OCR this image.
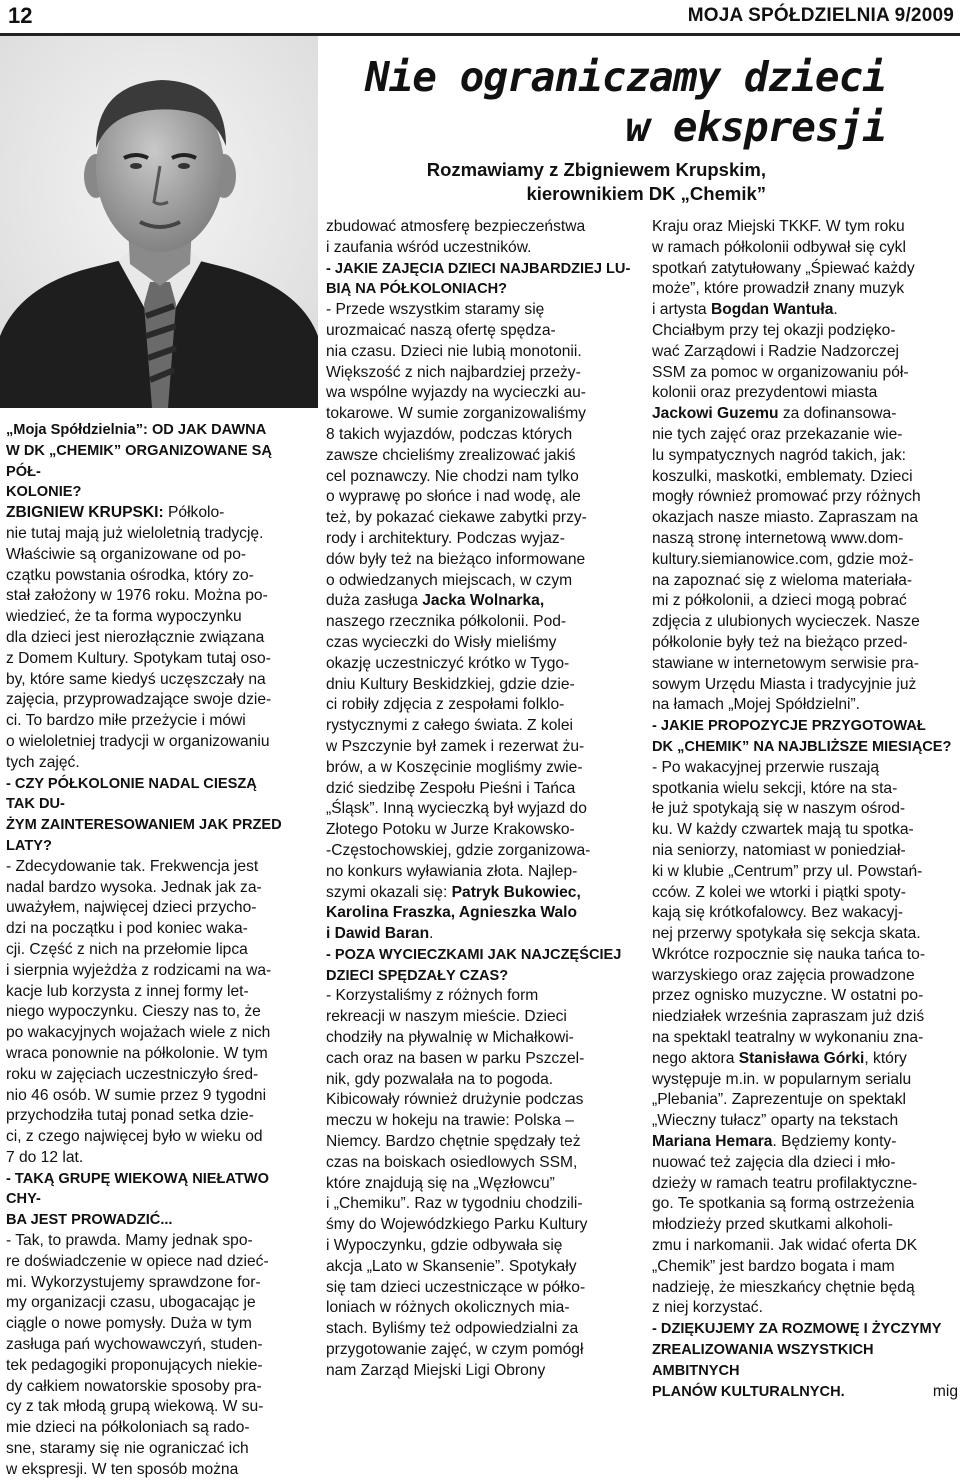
12	MOJA SPÓŁDZIELNIA 9/2009
Nie ograniczamy dzieci
w ekspresji
Rozmawiamy z Zbigniewem Krupskim,
kierownikiem DK „Chemik”

„Moja Spółdzielnia”: OD JAK DAWNA
W DK „CHEMIK” ORGANIZOWANE SĄ PÓŁ-
KOLONIE?

ZBIGNIEW KRUPSKI: Półkolo-
nie tutaj mają już wieloletnią tradycję.
Właściwie są organizowane od po-
czątku powstania ośrodka, który zo-
stał założony w 1976 roku. Można po-
wiedzieć, że ta forma wypoczynku
dla dzieci jest nierozłącznie związana
z Domem Kultury. Spotykam tutaj oso-
by, które same kiedyś uczęszczały na
zajęcia, przyprowadzające swoje dzie-
ci. To bardzo miłe przeżycie i mówi
o wieloletniej tradycji w organizowaniu
tych zajęć.

- CZY PÓŁKOLONIE NADAL CIESZĄ TAK DU-
ŻYM ZAINTERESOWANIEM JAK PRZED LATY?

- Zdecydowanie tak. Frekwencja jest
nadal bardzo wysoka. Jednak jak za-
uważyłem, najwięcej dzieci przycho-
dzi na początku i pod koniec waka-
cji. Część z nich na przełomie lipca
i sierpnia wyjeżdża z rodzicami na wa-
kacje lub korzysta z innej formy let-
niego wypoczynku. Cieszy nas to, że
po wakacyjnych wojażach wiele z nich
wraca ponownie na półkolonie. W tym
roku w zajęciach uczestniczyło śred-
nio 46 osób. W sumie przez 9 tygodni
przychodziła tutaj ponad setka dzie-
ci, z czego najwięcej było w wieku od
7 do 12 lat.

- TAKĄ GRUPĘ WIEKOWĄ NIEŁATWO CHY-
BA JEST PROWADZIĆ...

- Tak, to prawda. Mamy jednak spo-
re doświadczenie w opiece nad dzieć-
mi. Wykorzystujemy sprawdzone for-
my organizacji czasu, ubogacając je
ciągle o nowe pomysły. Duża w tym
zasługa pań wychowawczyń, studen-
tek pedagogiki proponujących niekie-
dy całkiem nowatorskie sposoby pra-
cy z tak młodą grupą wiekową. W su-
mie dzieci na półkoloniach są rado-
sne, staramy się nie ograniczać ich
w ekspresji. W ten sposób można

zbudować atmosferę bezpieczeństwa
i zaufania wśród uczestników.

- JAKIE ZAJĘCIA DZIECI NAJBARDZIEJ LU-
BIĄ NA PÓŁKOLONIACH?

- Przede wszystkim staramy się
urozmaicać naszą ofertę spędza-
nia czasu. Dzieci nie lubią monotonii.
Większość z nich najbardziej przeży-
wa wspólne wyjazdy na wycieczki au-
tokarowe. W sumie zorganizowaliśmy
8 takich wyjazdów, podczas których
zawsze chcieliśmy zrealizować jakiś
cel poznawczy. Nie chodzi nam tylko
o wyprawę po słońce i nad wodę, ale
też, by pokazać ciekawe zabytki przy-
rody i architektury. Podczas wyjaz-
dów były też na bieżąco informowane
o odwiedzanych miejscach, w czym
duża zasługa Jacka Wolnarka,
naszego rzecznika półkolonii. Pod-
czas wycieczki do Wisły mieliśmy
okazję uczestniczyć krótko w Tygo-
dniu Kultury Beskidzkiej, gdzie dzie-
ci robiły zdjęcia z zespołami folklo-
rystycznymi z całego świata. Z kolei
w Pszczynie był zamek i rezerwat żu-
brów, a w Koszęcinie mogliśmy zwie-
dzić siedzibę Zespołu Pieśni i Tańca
„Śląsk”. Inną wycieczką był wyjazd do
Złotego Potoku w Jurze Krakowsko-
-Częstochowskiej, gdzie zorganizowa-
no konkurs wyławiania złota. Najlep-
szymi okazali się: Patryk Bukowiec,
Karolina Fraszka, Agnieszka Walo
i Dawid Baran.

- POZA WYCIECZKAMI JAK NAJCZĘŚCIEJ
DZIECI SPĘDZAŁY CZAS?

- Korzystaliśmy z różnych form
rekreacji w naszym mieście. Dzieci
chodziły na pływalnię w Michałkowi-
cach oraz na basen w parku Pszczel-
nik, gdy pozwalała na to pogoda.
Kibicowały również drużynie podczas
meczu w hokeju na trawie: Polska –
Niemcy. Bardzo chętnie spędzały też
czas na boiskach osiedlowych SSM,
które znajdują się na „Węzłowcu”
i „Chemiku”. Raz w tygodniu chodzili-
śmy do Wojewódzkiego Parku Kultury
i Wypoczynku, gdzie odbywała się
akcja „Lato w Skansenie”. Spotykały
się tam dzieci uczestniczące w półko-
loniach w różnych okolicznych mia-
stach. Byliśmy też odpowiedzialni za
przygotowanie zajęć, w czym pomógł
nam Zarząd Miejski Ligi Obrony

Kraju oraz Miejski TKKF. W tym roku
w ramach półkolonii odbywał się cykl
spotkań zatytułowany „Śpiewać każdy
może”, które prowadził znany muzyk
i artysta Bogdan Wantuła.
Chciałbym przy tej okazji podzięko-
wać Zarządowi i Radzie Nadzorczej
SSM za pomoc w organizowaniu pół-
kolonii oraz prezydentowi miasta
Jackowi Guzemu za dofinansowa-
nie tych zajęć oraz przekazanie wie-
lu sympatycznych nagród takich, jak:
koszulki, maskotki, emblematy. Dzieci
mogły również promować przy różnych
okazjach nasze miasto. Zapraszam na
naszą stronę internetową www.dom-
kultury.siemianowice.com, gdzie moż-
na zapoznać się z wieloma materiała-
mi z półkolonii, a dzieci mogą pobrać
zdjęcia z ulubionych wycieczek. Nasze
półkolonie były też na bieżąco przed-
stawiane w internetowym serwisie pra-
sowym Urzędu Miasta i tradycyjnie już
na łamach „Mojej Spółdzielni”.

- JAKIE PROPOZYCJE PRZYGOTOWAŁ
DK „CHEMIK” NA NAJBLIŻSZE MIESIĄCE?

- Po wakacyjnej przerwie ruszają
spotkania wielu sekcji, które na sta-
łe już spotykają się w naszym ośrod-
ku. W każdy czwartek mają tu spotka-
nia seniorzy, natomiast w poniedział-
ki w klubie „Centrum” przy ul. Powstań-
cców. Z kolei we wtorki i piątki spoty-
kają się krótkofalowcy. Bez wakacyj-
nej przerwy spotykała się sekcja skata.
Wkrótce rozpocznie się nauka tańca to-
warzyskiego oraz zajęcia prowadzone
przez ognisko muzyczne. W ostatni po-
niedziałek września zapraszam już dziś
na spektakl teatralny w wykonaniu zna-
nego aktora Stanisława Górki, który
występuje m.in. w popularnym serialu
„Plebania”. Zaprezentuje on spektakl
„Wieczny tułacz” oparty na tekstach
Mariana Hemara. Będziemy konty-
nuować też zajęcia dla dzieci i mło-
dzieży w ramach teatru profilaktyczne-
go. Te spotkania są formą ostrzeżenia
młodzieży przed skutkami alkoholi-
zmu i narkomanii. Jak widać oferta DK
„Chemik” jest bardzo bogata i mam
nadzieję, że mieszkańcy chętnie będą
z niej korzystać.

- DZIĘKUJEMY ZA ROZMOWĘ I ŻYCZYMY
ZREALIZOWANIA WSZYSTKICH AMBITNYCH
PLANÓW KULTURALNYCH.	mig
